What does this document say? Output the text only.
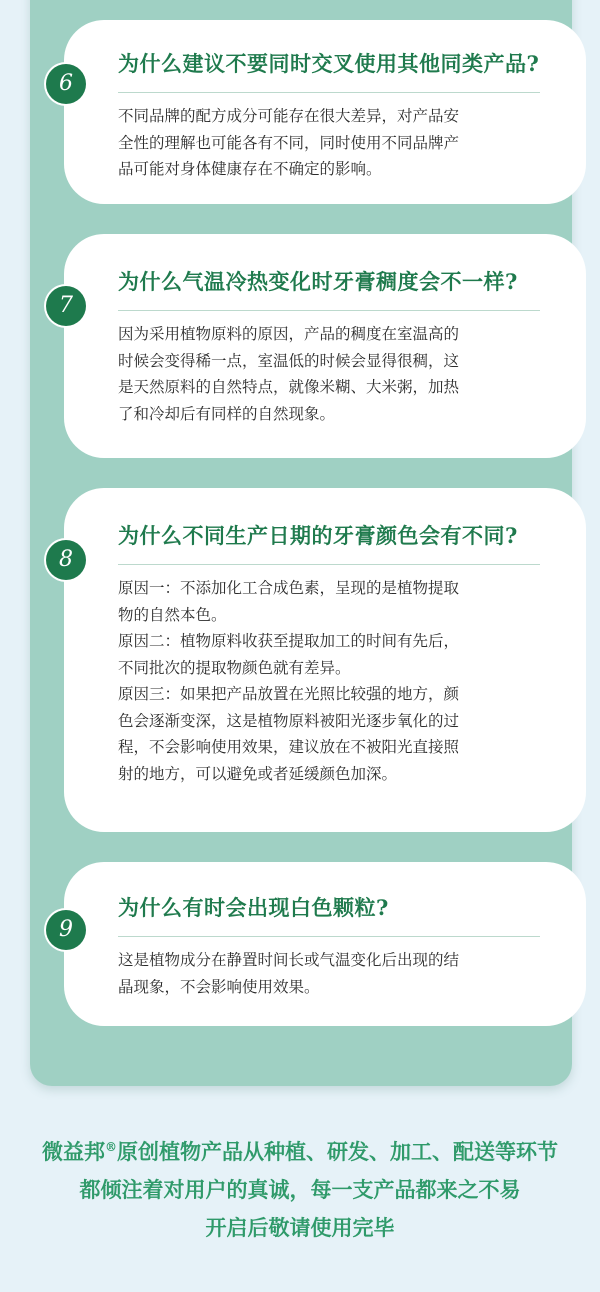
为什么建议不要同时交叉使用其他同类产品?

不同品牌的配方成分可能存在很大差异，对产品安

全性的理解也可能各有不同，同时使用不同品牌产

品可能对身体健康存在不确定的影响。

6
为什么气温冷热变化时牙膏稠度会不一样?

因为采用植物原料的原因，产品的稠度在室温高的

时候会变得稀一点，室温低的时候会显得很稠，这

是天然原料的自然特点，就像米糊、大米粥，加热

了和冷却后有同样的自然现象。

7
为什么不同生产日期的牙膏颜色会有不同?

原因一：不添加化工合成色素，呈现的是植物提取

物的自然本色。

原因二：植物原料收获至提取加工的时间有先后，

不同批次的提取物颜色就有差异。

原因三：如果把产品放置在光照比较强的地方，颜

色会逐渐变深，这是植物原料被阳光逐步氧化的过

程，不会影响使用效果，建议放在不被阳光直接照

射的地方，可以避免或者延缓颜色加深。

8
为什么有时会出现白色颗粒?

这是植物成分在静置时间长或气温变化后出现的结

晶现象，不会影响使用效果。

9

微益邦®原创植物产品从种植、研发、加工、配送等环节

都倾注着对用户的真诚，每一支产品都来之不易

开启后敬请使用完毕
